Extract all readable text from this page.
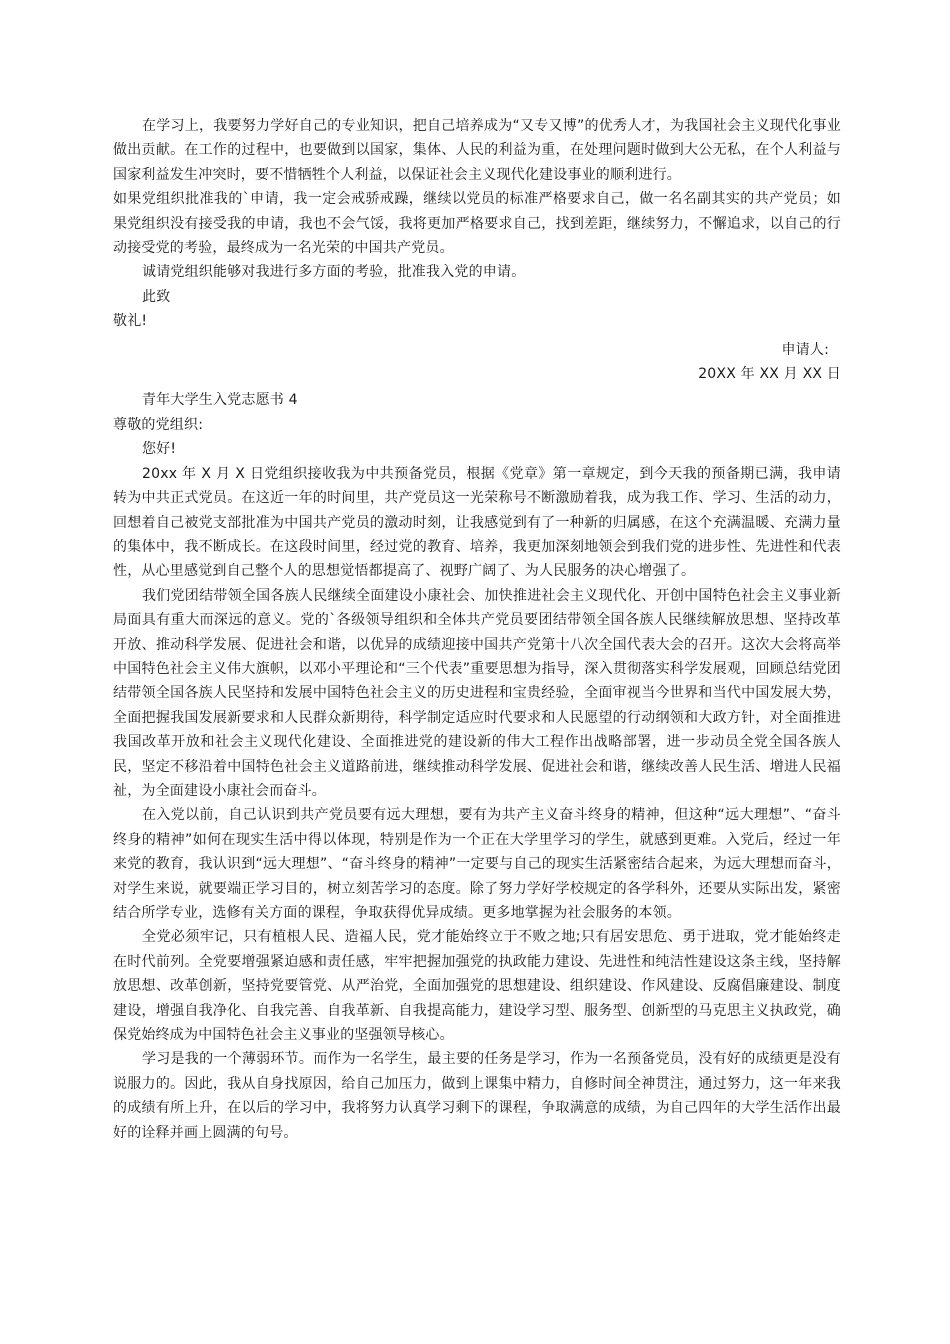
在学习上，我要努力学好自己的专业知识，把自己培养成为“又专又博”的优秀人才，为我国社会主义现代化事业做出贡献。在工作的过程中，也要做到以国家，集体、人民的利益为重，在处理问题时做到大公无私，在个人利益与国家利益发生冲突时，要不惜牺牲个人利益，以保证社会主义现代化建设事业的顺利进行。

如果党组织批准我的`申请，我一定会戒骄戒躁，继续以党员的标准严格要求自己，做一名名副其实的共产党员；如果党组织没有接受我的申请，我也不会气馁，我将更加严格要求自己，找到差距，继续努力，不懈追求，以自己的行动接受党的考验，最终成为一名光荣的中国共产党员。

诚请党组织能够对我进行多方面的考验，批准我入党的申请。

此致

敬礼!

申请人:

20XX 年 XX 月 XX 日

青年大学生入党志愿书 4

尊敬的党组织:

您好!

20xx 年 X 月 X 日党组织接收我为中共预备党员，根据《党章》第一章规定，到今天我的预备期已满，我申请转为中共正式党员。在这近一年的时间里，共产党员这一光荣称号不断激励着我，成为我工作、学习、生活的动力，回想着自己被党支部批准为中国共产党员的激动时刻，让我感觉到有了一种新的归属感，在这个充满温暖、充满力量的集体中，我不断成长。在这段时间里，经过党的教育、培养，我更加深刻地领会到我们党的进步性、先进性和代表性，从心里感觉到自己整个人的思想觉悟都提高了、视野广阔了、为人民服务的决心增强了。

我们党团结带领全国各族人民继续全面建设小康社会、加快推进社会主义现代化、开创中国特色社会主义事业新局面具有重大而深远的意义。党的`各级领导组织和全体共产党员要团结带领全国各族人民继续解放思想、坚持改革开放、推动科学发展、促进社会和谐，以优异的成绩迎接中国共产党第十八次全国代表大会的召开。这次大会将高举中国特色社会主义伟大旗帜，以邓小平理论和“三个代表”重要思想为指导，深入贯彻落实科学发展观，回顾总结党团结带领全国各族人民坚持和发展中国特色社会主义的历史进程和宝贵经验，全面审视当今世界和当代中国发展大势，全面把握我国发展新要求和人民群众新期待，科学制定适应时代要求和人民愿望的行动纲领和大政方针，对全面推进我国改革开放和社会主义现代化建设、全面推进党的建设新的伟大工程作出战略部署，进一步动员全党全国各族人民，坚定不移沿着中国特色社会主义道路前进，继续推动科学发展、促进社会和谐，继续改善人民生活、增进人民福祉，为全面建设小康社会而奋斗。

在入党以前，自己认识到共产党员要有远大理想，要有为共产主义奋斗终身的精神，但这种“远大理想”、“奋斗终身的精神”如何在现实生活中得以体现，特别是作为一个正在大学里学习的学生，就感到更难。入党后，经过一年来党的教育，我认识到“远大理想”、“奋斗终身的精神”一定要与自己的现实生活紧密结合起来，为远大理想而奋斗，对学生来说，就要端正学习目的，树立刻苦学习的态度。除了努力学好学校规定的各学科外，还要从实际出发，紧密结合所学专业，选修有关方面的课程，争取获得优异成绩。更多地掌握为社会服务的本领。

全党必须牢记，只有植根人民、造福人民，党才能始终立于不败之地;只有居安思危、勇于进取，党才能始终走在时代前列。全党要增强紧迫感和责任感，牢牢把握加强党的执政能力建设、先进性和纯洁性建设这条主线，坚持解放思想、改革创新，坚持党要管党、从严治党，全面加强党的思想建设、组织建设、作风建设、反腐倡廉建设、制度建设，增强自我净化、自我完善、自我革新、自我提高能力，建设学习型、服务型、创新型的马克思主义执政党，确保党始终成为中国特色社会主义事业的坚强领导核心。

学习是我的一个薄弱环节。而作为一名学生，最主要的任务是学习，作为一名预备党员，没有好的成绩更是没有说服力的。因此，我从自身找原因，给自己加压力，做到上课集中精力，自修时间全神贯注，通过努力，这一年来我的成绩有所上升，在以后的学习中，我将努力认真学习剩下的课程，争取满意的成绩，为自己四年的大学生活作出最好的诠释并画上圆满的句号。
